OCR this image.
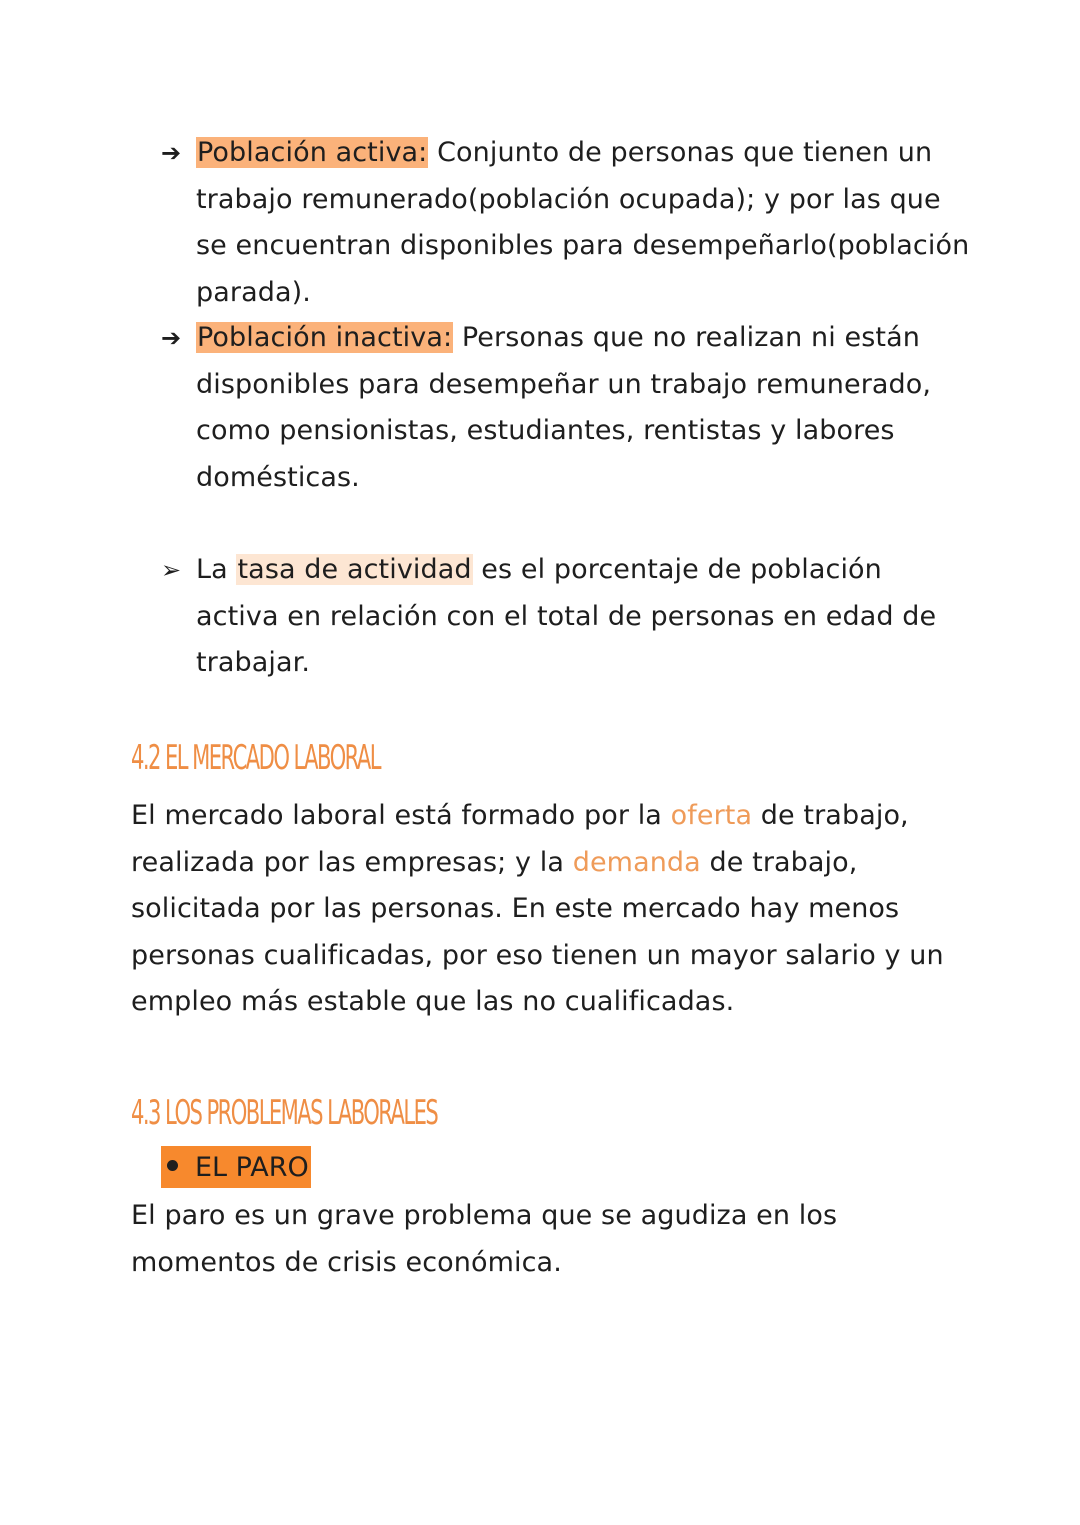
➔ Población activa: Conjunto de personas que tienen un
trabajo remunerado(población ocupada); y por las que
se encuentran disponibles para desempeñarlo(población
parada).
➔ Población inactiva: Personas que no realizan ni están
disponibles para desempeñar un trabajo remunerado,
como pensionistas, estudiantes, rentistas y labores
domésticas.
➢ La tasa de actividad es el porcentaje de población
activa en relación con el total de personas en edad de
trabajar.
4.2 EL MERCADO LABORAL
El mercado laboral está formado por la oferta de trabajo,
realizada por las empresas; y la demanda de trabajo,
solicitada por las personas. En este mercado hay menos
personas cualificadas, por eso tienen un mayor salario y un
empleo más estable que las no cualificadas.
4.3 LOS PROBLEMAS LABORALES
EL PARO
El paro es un grave problema que se agudiza en los
momentos de crisis económica.
